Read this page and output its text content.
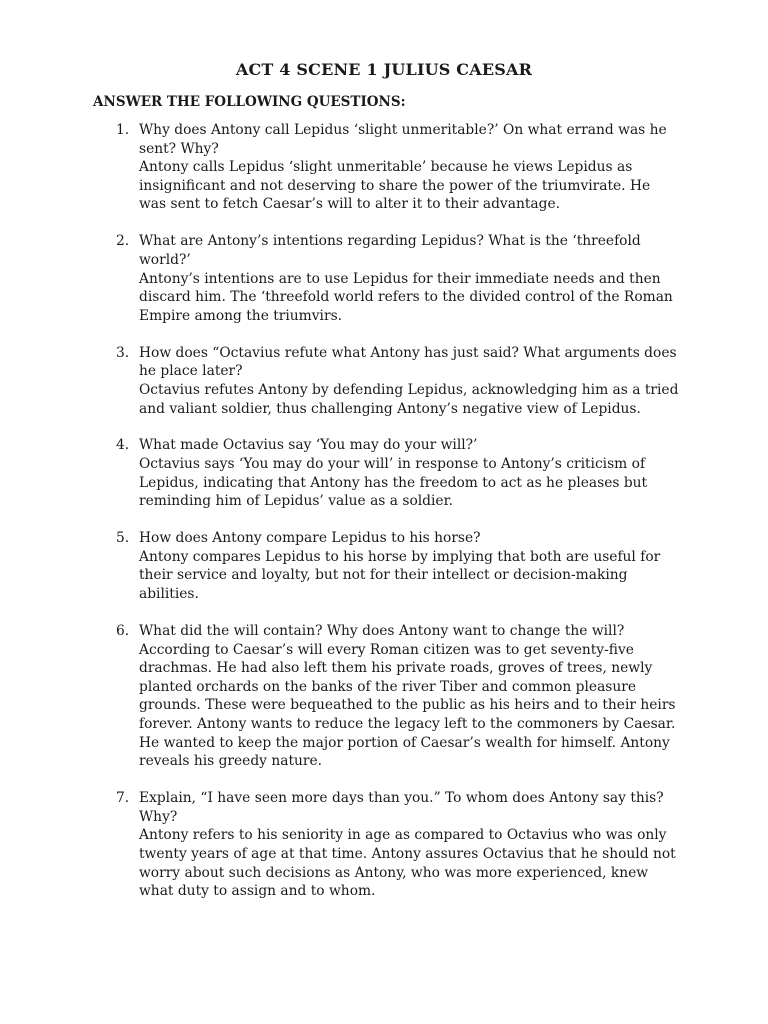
ACT 4 SCENE 1 JULIUS CAESAR
ANSWER THE FOLLOWING QUESTIONS:
1. Why does Antony call Lepidus ‘slight unmeritable?’ On what errand was he sent? Why?
Antony calls Lepidus ‘slight unmeritable’ because he views Lepidus as insignificant and not deserving to share the power of the triumvirate. He was sent to fetch Caesar’s will to alter it to their advantage.
2. What are Antony’s intentions regarding Lepidus? What is the ‘threefold world?’
Antony’s intentions are to use Lepidus for their immediate needs and then discard him. The ‘threefold world refers to the divided control of the Roman Empire among the triumvirs.
3. How does “Octavius refute what Antony has just said? What arguments does he place later?
Octavius refutes Antony by defending Lepidus, acknowledging him as a tried and valiant soldier, thus challenging Antony’s negative view of Lepidus.
4. What made Octavius say ‘You may do your will?’
Octavius says ‘You may do your will’ in response to Antony’s criticism of Lepidus, indicating that Antony has the freedom to act as he pleases but reminding him of Lepidus’ value as a soldier.
5. How does Antony compare Lepidus to his horse?
Antony compares Lepidus to his horse by implying that both are useful for their service and loyalty, but not for their intellect or decision-making abilities.
6. What did the will contain? Why does Antony want to change the will?
According to Caesar’s will every Roman citizen was to get seventy-five drachmas. He had also left them his private roads, groves of trees, newly planted orchards on the banks of the river Tiber and common pleasure grounds. These were bequeathed to the public as his heirs and to their heirs forever. Antony wants to reduce the legacy left to the commoners by Caesar. He wanted to keep the major portion of Caesar’s wealth for himself. Antony reveals his greedy nature.
7. Explain, “I have seen more days than you.” To whom does Antony say this? Why?
Antony refers to his seniority in age as compared to Octavius who was only twenty years of age at that time. Antony assures Octavius that he should not worry about such decisions as Antony, who was more experienced, knew what duty to assign and to whom.
